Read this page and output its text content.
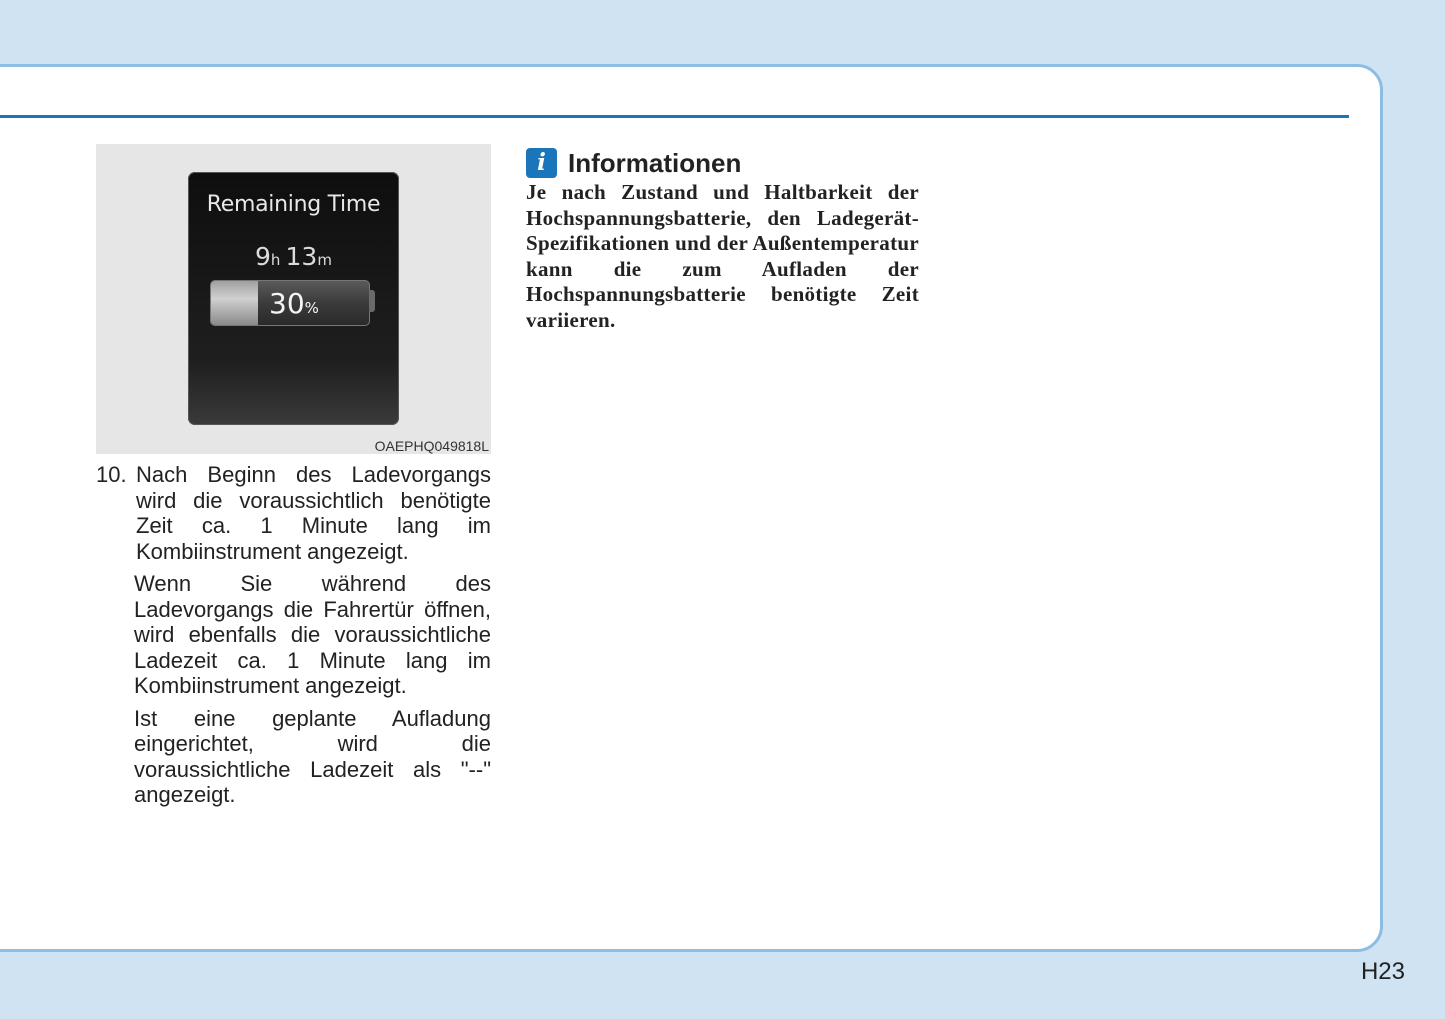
Remaining Time
9h 13m
30%
OAEPHQ049818L
10. Nach Beginn des Ladevorgangs wird die voraussichtlich benötigte Zeit ca. 1 Minute lang im Kombiinstrument angezeigt.

Wenn Sie während des Ladevorgangs die Fahrertür öffnen, wird ebenfalls die voraussichtliche Ladezeit ca. 1 Minute lang im Kombiinstrument angezeigt.

Ist eine geplante Aufladung eingerichtet, wird die voraussichtliche Ladezeit als "--" angezeigt.

i Informationen
Je nach Zustand und Haltbarkeit der Hochspannungsbatterie, den Ladegerät-Spezifikationen und der Außentemperatur kann die zum Aufladen der Hochspannungsbatterie benötigte Zeit variieren.
H23
